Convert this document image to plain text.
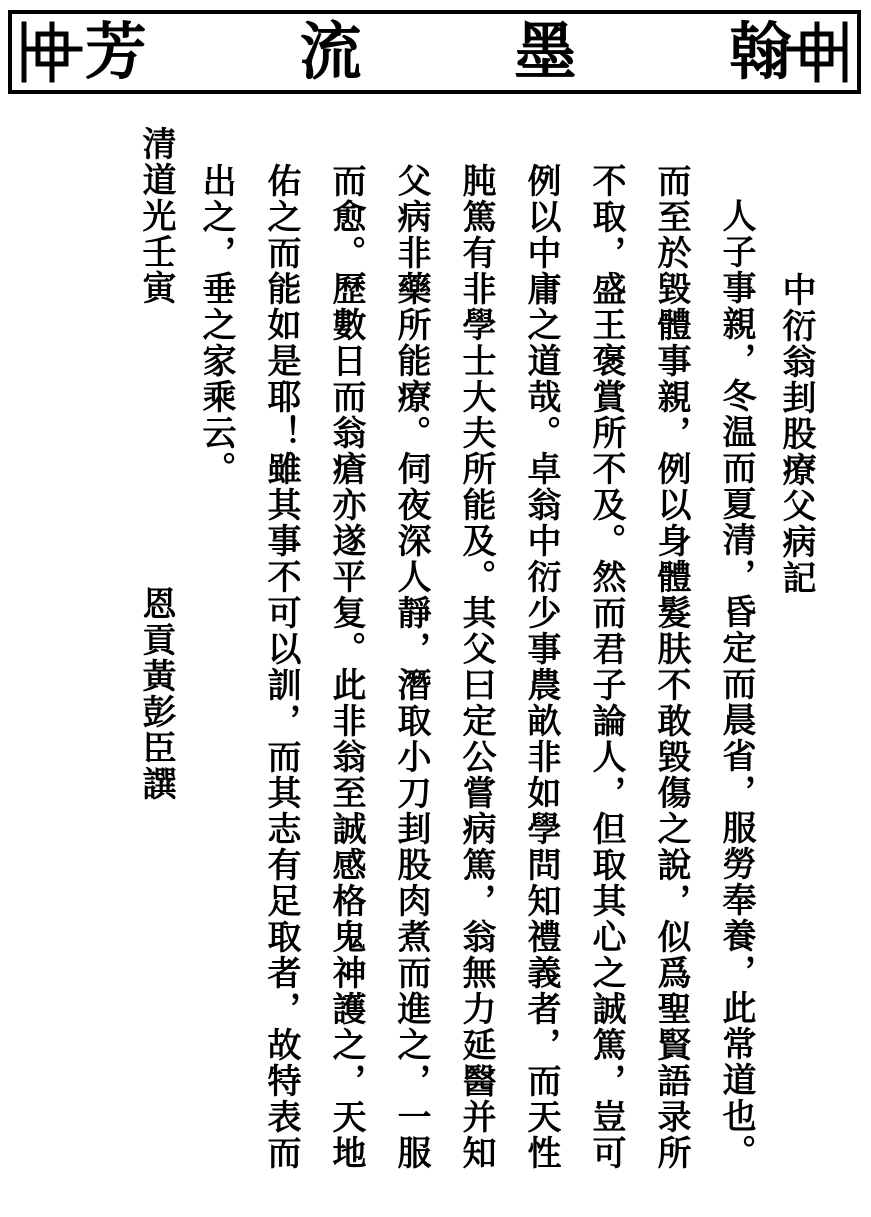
芳 流 墨 翰
中衍翁刲股療父病記
人子事親，冬温而夏清，昏定而晨省，服勞奉養，此常道也。
而至於毀體事親，例以身體髮肤不敢毀傷之說，似爲聖賢語录所
不取，盛王褒賞所不及。然而君子論人，但取其心之誠篤，豈可
例以中庸之道哉。卓翁中衍少事農畝非如學問知禮義者，而天性
肫篤有非學士大夫所能及。其父曰定公嘗病篤，翁無力延醫并知
父病非藥所能療。伺夜深人靜，潛取小刀刲股肉煮而進之，一服
而愈。歷數日而翁瘡亦遂平复。此非翁至誠感格鬼神護之，天地
佑之而能如是耶！雖其事不可以訓，而其志有足取者，故特表而
出之，垂之家乘云。
恩貢黃彭臣譔
清道光壬寅
